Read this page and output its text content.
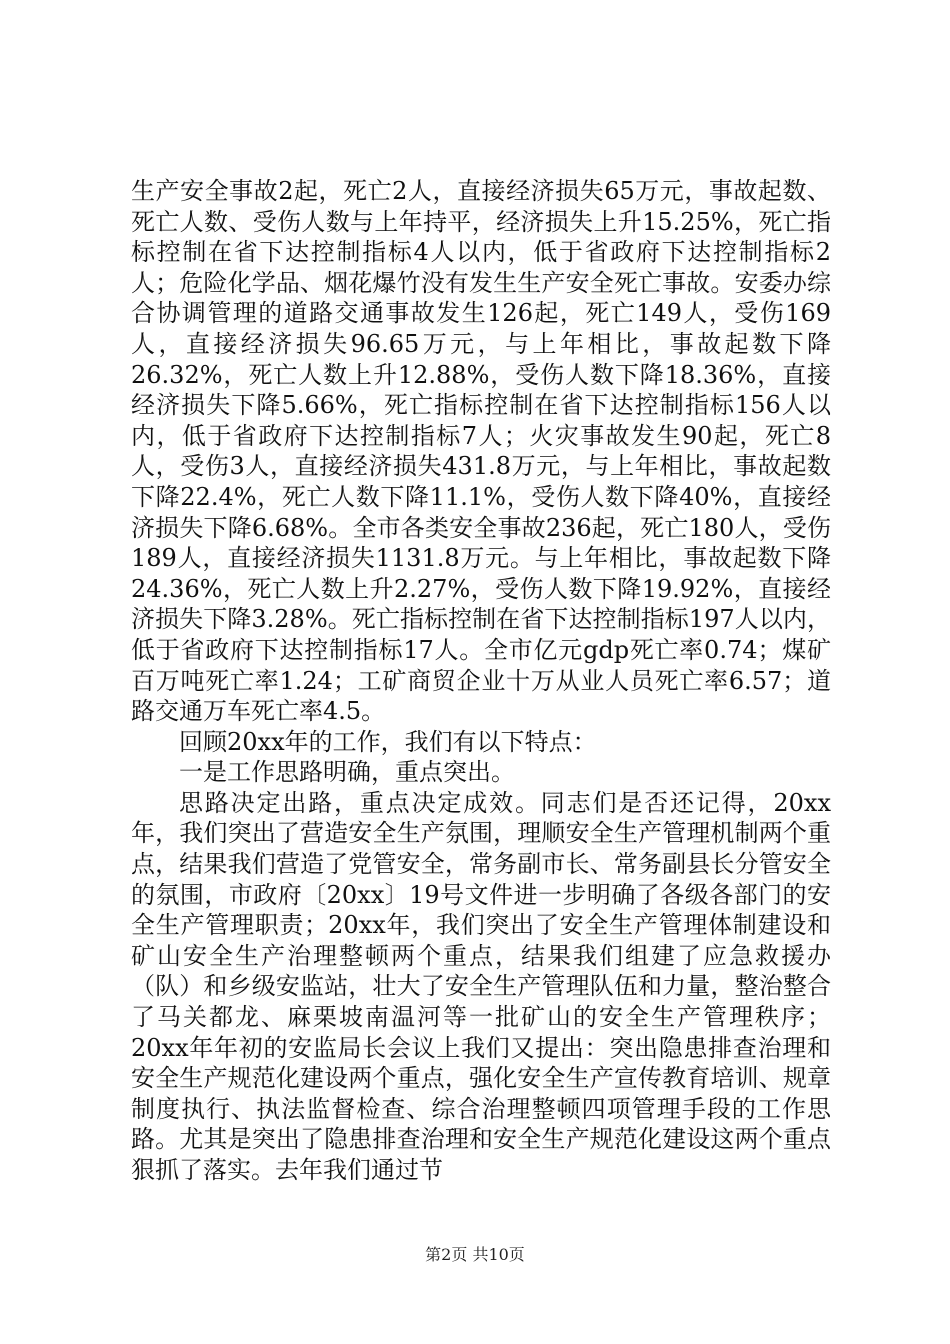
生产安全事故2起，死亡2人，直接经济损失65万元，事故起数、死亡人数、受伤人数与上年持平，经济损失上升15.25%，死亡指标控制在省下达控制指标4人以内，低于省政府下达控制指标2人；危险化学品、烟花爆竹没有发生生产安全死亡事故。安委办综合协调管理的道路交通事故发生126起，死亡149人，受伤169人，直接经济损失96.65万元，与上年相比，事故起数下降26.32%，死亡人数上升12.88%，受伤人数下降18.36%，直接经济损失下降5.66%，死亡指标控制在省下达控制指标156人以内，低于省政府下达控制指标7人；火灾事故发生90起，死亡8人，受伤3人，直接经济损失431.8万元，与上年相比，事故起数下降22.4%，死亡人数下降11.1%，受伤人数下降40%，直接经济损失下降6.68%。全市各类安全事故236起，死亡180人，受伤189人，直接经济损失1131.8万元。与上年相比，事故起数下降24.36%，死亡人数上升2.27%，受伤人数下降19.92%，直接经济损失下降3.28%。死亡指标控制在省下达控制指标197人以内，低于省政府下达控制指标17人。全市亿元gdp死亡率0.74；煤矿百万吨死亡率1.24；工矿商贸企业十万从业人员死亡率6.57；道路交通万车死亡率4.5。

回顾20xx年的工作，我们有以下特点：

一是工作思路明确，重点突出。

思路决定出路，重点决定成效。同志们是否还记得，20xx年，我们突出了营造安全生产氛围，理顺安全生产管理机制两个重点，结果我们营造了党管安全，常务副市长、常务副县长分管安全的氛围，市政府〔20xx〕19号文件进一步明确了各级各部门的安全生产管理职责；20xx年，我们突出了安全生产管理体制建设和矿山安全生产治理整顿两个重点，结果我们组建了应急救援办（队）和乡级安监站，壮大了安全生产管理队伍和力量，整治整合了马关都龙、麻栗坡南温河等一批矿山的安全生产管理秩序；20xx年年初的安监局长会议上我们又提出：突出隐患排查治理和安全生产规范化建设两个重点，强化安全生产宣传教育培训、规章制度执行、执法监督检查、综合治理整顿四项管理手段的工作思路。尤其是突出了隐患排查治理和安全生产规范化建设这两个重点狠抓了落实。去年我们通过节

第2页 共10页
